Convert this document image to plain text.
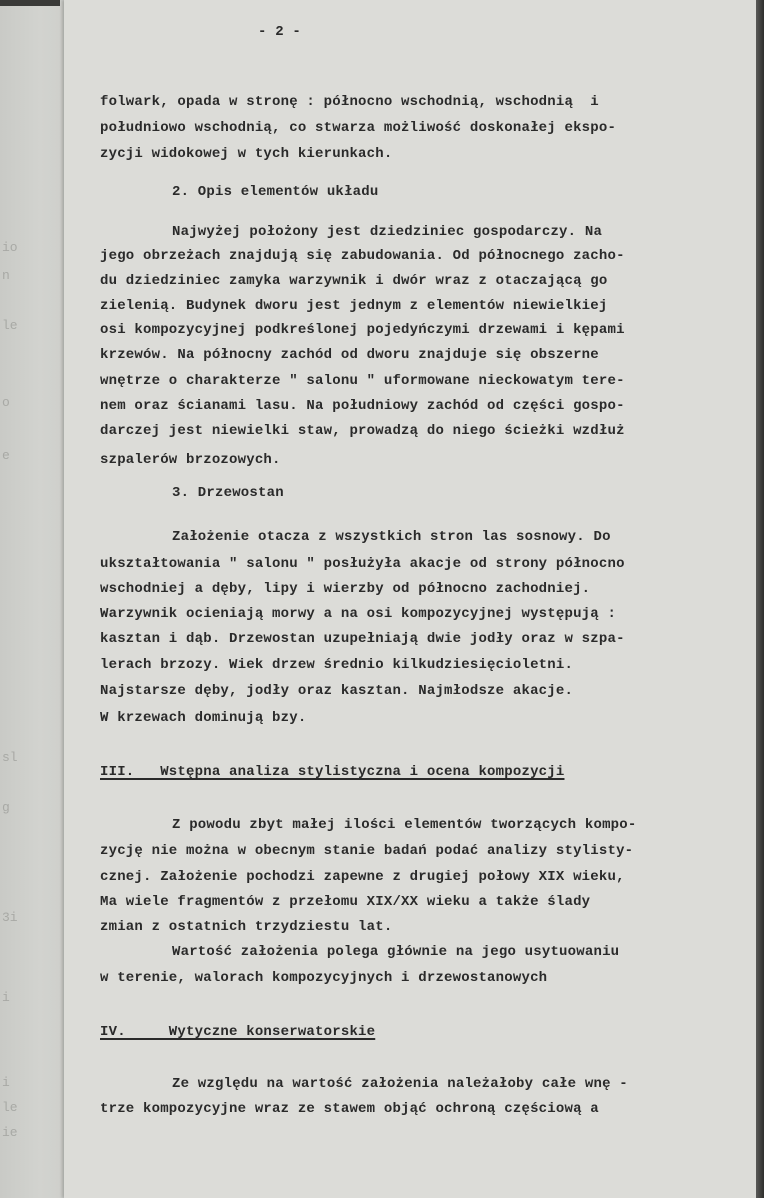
io
n
le
o
e
sl
g
3i
i
i
le
ie
- 2 -
folwark, opada w stronę : północno wschodnią, wschodnią  i
południowo wschodnią, co stwarza możliwość doskonałej ekspo-
zycji widokowej w tych kierunkach.
2. Opis elementów układu
Najwyżej położony jest dziedziniec gospodarczy. Na
jego obrzeżach znajdują się zabudowania. Od północnego zacho-
du dziedziniec zamyka warzywnik i dwór wraz z otaczającą go
zielenią. Budynek dworu jest jednym z elementów niewielkiej
osi kompozycyjnej podkreślonej pojedyńczymi drzewami i kępami
krzewów. Na północny zachód od dworu znajduje się obszerne
wnętrze o charakterze " salonu " uformowane nieckowatym tere-
nem oraz ścianami lasu. Na południowy zachód od części gospo-
darczej jest niewielki staw, prowadzą do niego ścieżki wzdłuż
szpalerów brzozowych.
3. Drzewostan
Założenie otacza z wszystkich stron las sosnowy. Do
ukształtowania " salonu " posłużyła akacje od strony północno
wschodniej a dęby, lipy i wierzby od północno zachodniej.
Warzywnik ocieniają morwy a na osi kompozycyjnej występują :
kasztan i dąb. Drzewostan uzupełniają dwie jodły oraz w szpa-
lerach brzozy. Wiek drzew średnio kilkudziesięcioletni.
Najstarsze dęby, jodły oraz kasztan. Najmłodsze akacje.
W krzewach dominują bzy.
III.   Wstępna analiza stylistyczna i ocena kompozycji
Z powodu zbyt małej ilości elementów tworzących kompo-
zycję nie można w obecnym stanie badań podać analizy stylisty-
cznej. Założenie pochodzi zapewne z drugiej połowy XIX wieku,
Ma wiele fragmentów z przełomu XIX/XX wieku a także ślady
zmian z ostatnich trzydziestu lat.
Wartość założenia polega głównie na jego usytuowaniu
w terenie, walorach kompozycyjnych i drzewostanowych
IV.     Wytyczne konserwatorskie
Ze względu na wartość założenia należałoby całe wnę -
trze kompozycyjne wraz ze stawem objąć ochroną częściową a
